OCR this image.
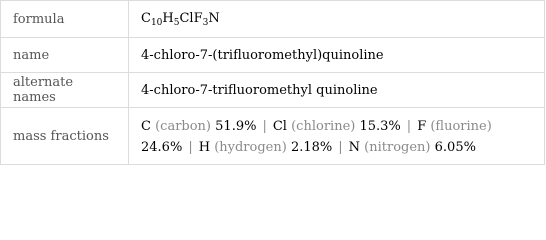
formula	$C_{10}H_5ClF_3N$
name	4-chloro-7-(trifluoromethyl)quinoline
alternate names	4-chloro-7-trifluoromethyl quinoline
mass fractions	C (carbon) 51.9% | Cl (chlorine) 15.3% | F (fluorine)
24.6% | H (hydrogen) 2.18% | N (nitrogen) 6.05%
